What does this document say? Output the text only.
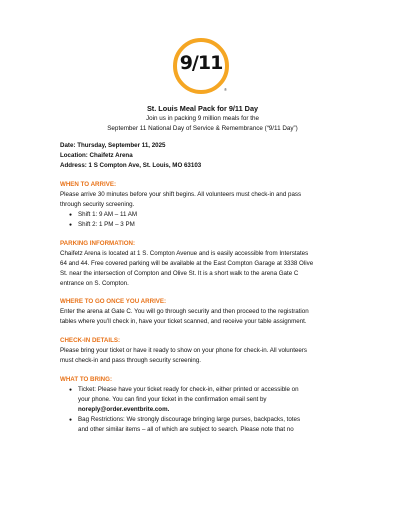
9/11
®
St. Louis Meal Pack for 9/11 Day
Join us in packing 9 million meals for the
September 11 National Day of Service & Remembrance (“9/11 Day”)
Date: Thursday, September 11, 2025
Location: Chaifetz Arena
Address: 1 S Compton Ave, St. Louis, MO 63103
WHEN TO ARRIVE:
Please arrive 30 minutes before your shift begins. All volunteers must check-in and pass
through security screening.
● Shift 1: 9 AM – 11 AM
● Shift 2: 1 PM – 3 PM
PARKING INFORMATION:
Chaifetz Arena is located at 1 S. Compton Avenue and is easily accessible from Interstates
64 and 44. Free covered parking will be available at the East Compton Garage at 3338 Olive
St. near the intersection of Compton and Olive St. It is a short walk to the arena Gate C
entrance on S. Compton.
WHERE TO GO ONCE YOU ARRIVE:
Enter the arena at Gate C. You will go through security and then proceed to the registration
tables where you’ll check in, have your ticket scanned, and receive your table assignment.
CHECK-IN DETAILS:
Please bring your ticket or have it ready to show on your phone for check-in. All volunteers
must check-in and pass through security screening.
WHAT TO BRING:
● Ticket: Please have your ticket ready for check-in, either printed or accessible on
your phone. You can find your ticket in the confirmation email sent by
noreply@order.eventbrite.com.
● Bag Restrictions: We strongly discourage bringing large purses, backpacks, totes
and other similar items – all of which are subject to search. Please note that no
